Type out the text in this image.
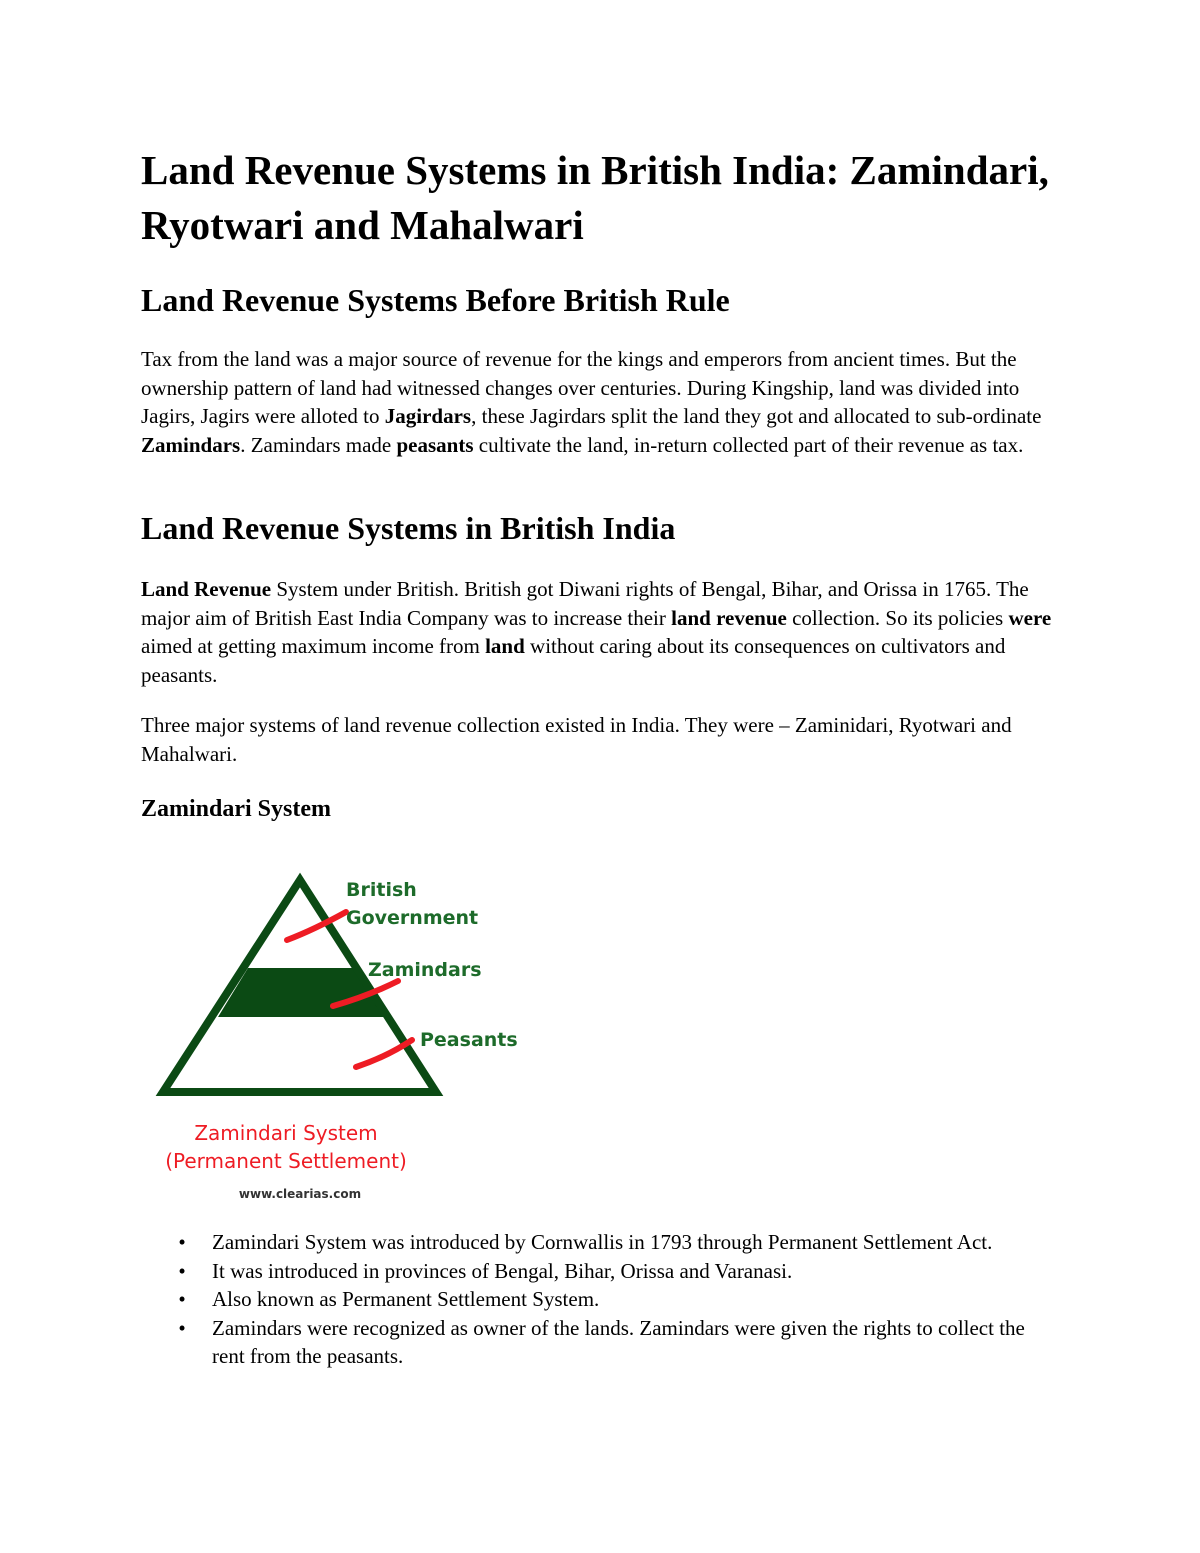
Land Revenue Systems in British India: Zamindari, Ryotwari and Mahalwari
Land Revenue Systems Before British Rule

Tax from the land was a major source of revenue for the kings and emperors from ancient times. But the ownership pattern of land had witnessed changes over centuries. During Kingship, land was divided into Jagirs, Jagirs were alloted to Jagirdars, these Jagirdars split the land they got and allocated to sub-ordinate Zamindars. Zamindars made peasants cultivate the land, in-return collected part of their revenue as tax.

Land Revenue Systems in British India

Land Revenue System under British. British got Diwani rights of Bengal, Bihar, and Orissa in 1765. The major aim of British East India Company was to increase their land revenue collection. So its policies were aimed at getting maximum income from land without caring about its consequences on cultivators and peasants.

Three major systems of land revenue collection existed in India. They were – Zaminidari, Ryotwari and Mahalwari.

Zamindari System
British
Government
Zamindars
Peasants
Zamindari System
(Permanent Settlement)
www.clearias.com
• Zamindari System was introduced by Cornwallis in 1793 through Permanent Settlement Act.
• It was introduced in provinces of Bengal, Bihar, Orissa and Varanasi.
• Also known as Permanent Settlement System.
• Zamindars were recognized as owner of the lands. Zamindars were given the rights to collect the rent from the peasants.
